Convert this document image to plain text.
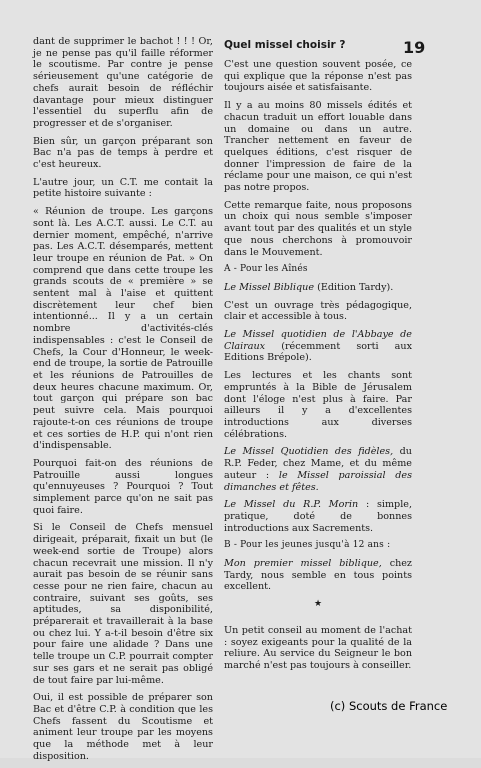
dant de supprimer le bachot ! ! ! Or, je ne pense pas qu'il faille réformer le scoutisme. Par contre je pense sérieusement qu'une catégorie de chefs aurait besoin de réfléchir davantage pour mieux distinguer l'essentiel du superflu afin de progresser et de s'organiser.

Bien sûr, un garçon préparant son Bac n'a pas de temps à perdre et c'est heureux.

L'autre jour, un C.T. me contait la petite histoire suivante :

« Réunion de troupe. Les garçons sont là. Les A.C.T. aussi. Le C.T. au dernier moment, empêché, n'arrive pas. Les A.C.T. désemparés, mettent leur troupe en réunion de Pat. » On comprend que dans cette troupe les grands scouts de « première » se sentent mal à l'aise et quittent discrètement leur chef bien intentionné... Il y a un certain nombre d'activités-clés indispensables : c'est le Conseil de Chefs, la Cour d'Honneur, le week-end de troupe, la sortie de Patrouille et les réunions de Patrouilles de deux heures chacune maximum. Or, tout garçon qui prépare son bac peut suivre cela. Mais pourquoi rajoute-t-on ces réunions de troupe et ces sorties de H.P. qui n'ont rien d'indispensable.

Pourquoi fait-on des réunions de Patrouille aussi longues qu'ennuyeuses ? Pourquoi ? Tout simplement parce qu'on ne sait pas quoi faire.

Si le Conseil de Chefs mensuel dirigeait, préparait, fixait un but (le week-end sortie de Troupe) alors chacun recevrait une mission. Il n'y aurait pas besoin de se réunir sans cesse pour ne rien faire, chacun au contraire, suivant ses goûts, ses aptitudes, sa disponibilité, préparerait et travaillerait à la base ou chez lui. Y a-t-il besoin d'être six pour faire une alidade ? Dans une telle troupe un C.P. pourrait compter sur ses gars et ne serait pas obligé de tout faire par lui-même.

Oui, il est possible de préparer son Bac et d'être C.P. à condition que les Chefs fassent du Scoutisme et animent leur troupe par les moyens que la méthode met à leur disposition.

Quel missel choisir ?	19

C'est une question souvent posée, ce qui explique que la réponse n'est pas toujours aisée et satisfaisante.

Il y a au moins 80 missels édités et chacun traduit un effort louable dans un domaine ou dans un autre. Trancher nettement en faveur de quelques éditions, c'est risquer de donner l'impression de faire de la réclame pour une maison, ce qui n'est pas notre propos.

Cette remarque faite, nous proposons un choix qui nous semble s'imposer avant tout par des qualités et un style que nous cherchons à promouvoir dans le Mouvement.

A - Pour les Aînés

Le Missel Biblique (Edition Tardy).

C'est un ouvrage très pédagogique, clair et accessible à tous.

Le Missel quotidien de l'Abbaye de Clairaux (récemment sorti aux Editions Brépole).

Les lectures et les chants sont empruntés à la Bible de Jérusalem dont l'éloge n'est plus à faire. Par ailleurs il y a d'excellentes introductions aux diverses célébrations.

Le Missel Quotidien des fidèles, du R.P. Feder, chez Mame, et du même auteur : le Missel paroissial des dimanches et fêtes.

Le Missel du R.P. Morin : simple, pratique, doté de bonnes introductions aux Sacrements.

B - Pour les jeunes jusqu'à 12 ans :

Mon premier missel biblique, chez Tardy, nous semble en tous points excellent.

★

Un petit conseil au moment de l'achat : soyez exigeants pour la qualité de la reliure. Au service du Seigneur le bon marché n'est pas toujours à conseiller.

(c) Scouts de France
